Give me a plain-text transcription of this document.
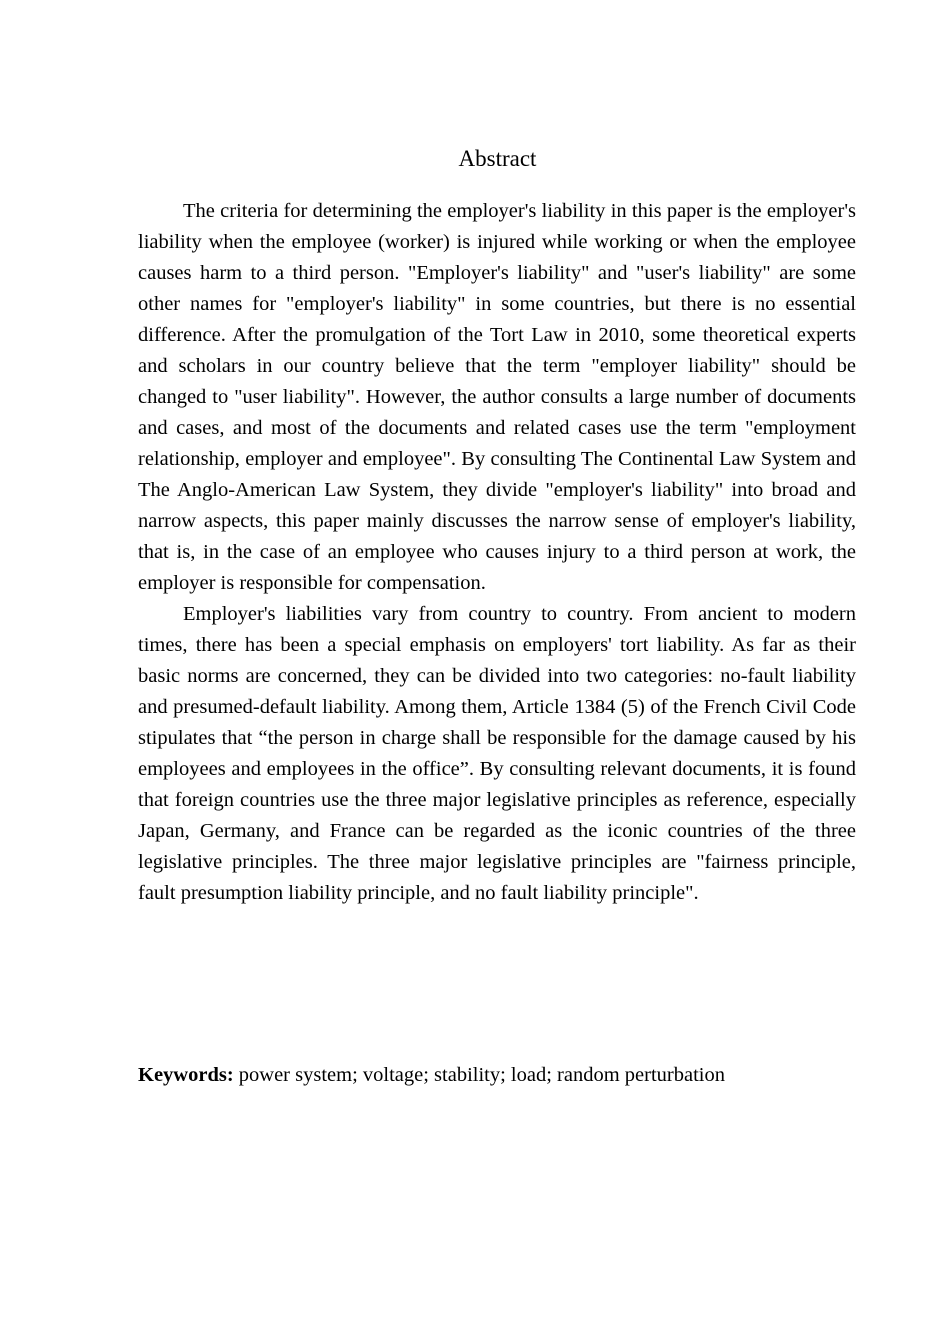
Abstract

The criteria for determining the employer's liability in this paper is the employer's liability when the employee (worker) is injured while working or when the employee causes harm to a third person. "Employer's liability" and "user's liability" are some other names for "employer's liability" in some countries, but there is no essential difference. After the promulgation of the Tort Law in 2010, some theoretical experts and scholars in our country believe that the term "employer liability" should be changed to "user liability". However, the author consults a large number of documents and cases, and most of the documents and related cases use the term "employment relationship, employer and employee". By consulting The Continental Law System and The Anglo-American Law System, they divide "employer's liability" into broad and narrow aspects, this paper mainly discusses the narrow sense of employer's liability, that is, in the case of an employee who causes injury to a third person at work, the employer is responsible for compensation.

Employer's liabilities vary from country to country. From ancient to modern times, there has been a special emphasis on employers' tort liability. As far as their basic norms are concerned, they can be divided into two categories: no-fault liability and presumed-default liability. Among them, Article 1384 (5) of the French Civil Code stipulates that “the person in charge shall be responsible for the damage caused by his employees and employees in the office”. By consulting relevant documents, it is found that foreign countries use the three major legislative principles as reference, especially Japan, Germany, and France can be regarded as the iconic countries of the three legislative principles. The three major legislative principles are "fairness principle, fault presumption liability principle, and no fault liability principle".

Keywords: power system; voltage; stability; load; random perturbation
